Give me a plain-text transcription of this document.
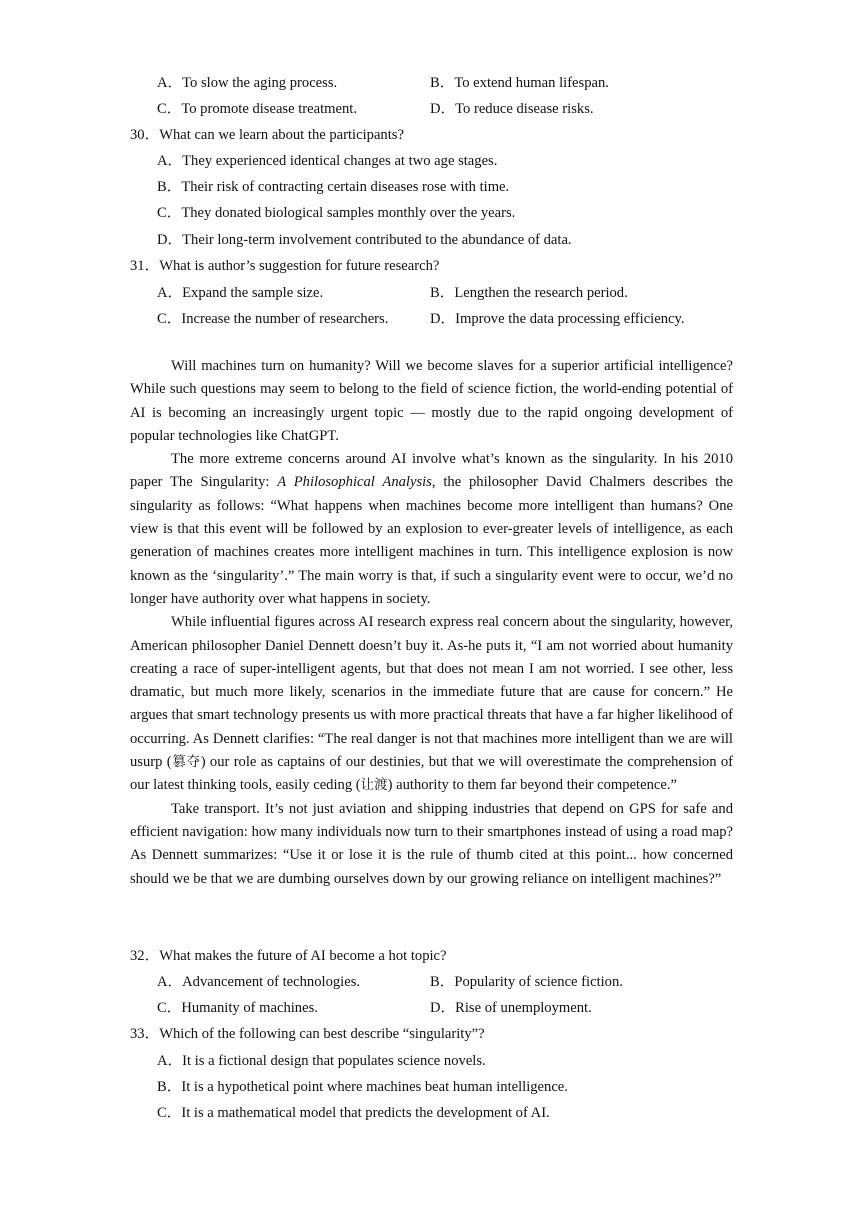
A．To slow the aging process.	B．To extend human lifespan.
C．To promote disease treatment.	D．To reduce disease risks.
30．What can we learn about the participants?
A．They experienced identical changes at two age stages.
B．Their risk of contracting certain diseases rose with time.
C．They donated biological samples monthly over the years.
D．Their long-term involvement contributed to the abundance of data.
31．What is author’s suggestion for future research?
A．Expand the sample size.	B．Lengthen the research period.
C．Increase the number of researchers.	D．Improve the data processing efficiency.

Will machines turn on humanity? Will we become slaves for a superior artificial intelligence? While such questions may seem to belong to the field of science fiction, the world-ending potential of AI is becoming an increasingly urgent topic — mostly due to the rapid ongoing development of popular technologies like ChatGPT.

The more extreme concerns around AI involve what’s known as the singularity. In his 2010 paper The Singularity: A Philosophical Analysis, the philosopher David Chalmers describes the singularity as follows: “What happens when machines become more intelligent than humans? One view is that this event will be followed by an explosion to ever-greater levels of intelligence, as each generation of machines creates more intelligent machines in turn. This intelligence explosion is now known as the ‘singularity’.” The main worry is that, if such a singularity event were to occur, we’d no longer have authority over what happens in society.

While influential figures across AI research express real concern about the singularity, however, American philosopher Daniel Dennett doesn’t buy it. As-he puts it, “I am not worried about humanity creating a race of super-intelligent agents, but that does not mean I am not worried. I see other, less dramatic, but much more likely, scenarios in the immediate future that are cause for concern.” He argues that smart technology presents us with more practical threats that have a far higher likelihood of occurring. As Dennett clarifies: “The real danger is not that machines more intelligent than we are will usurp (篡夺) our role as captains of our destinies, but that we will overestimate the comprehension of our latest thinking tools, easily ceding (让渡) authority to them far beyond their competence.”

Take transport. It’s not just aviation and shipping industries that depend on GPS for safe and efficient navigation: how many individuals now turn to their smartphones instead of using a road map? As Dennett summarizes: “Use it or lose it is the rule of thumb cited at this point... how concerned should we be that we are dumbing ourselves down by our growing reliance on intelligent machines?”

32．What makes the future of AI become a hot topic?
A．Advancement of technologies.	B．Popularity of science fiction.
C．Humanity of machines.	D．Rise of unemployment.
33．Which of the following can best describe “singularity”?
A．It is a fictional design that populates science novels.
B．It is a hypothetical point where machines beat human intelligence.
C．It is a mathematical model that predicts the development of AI.
